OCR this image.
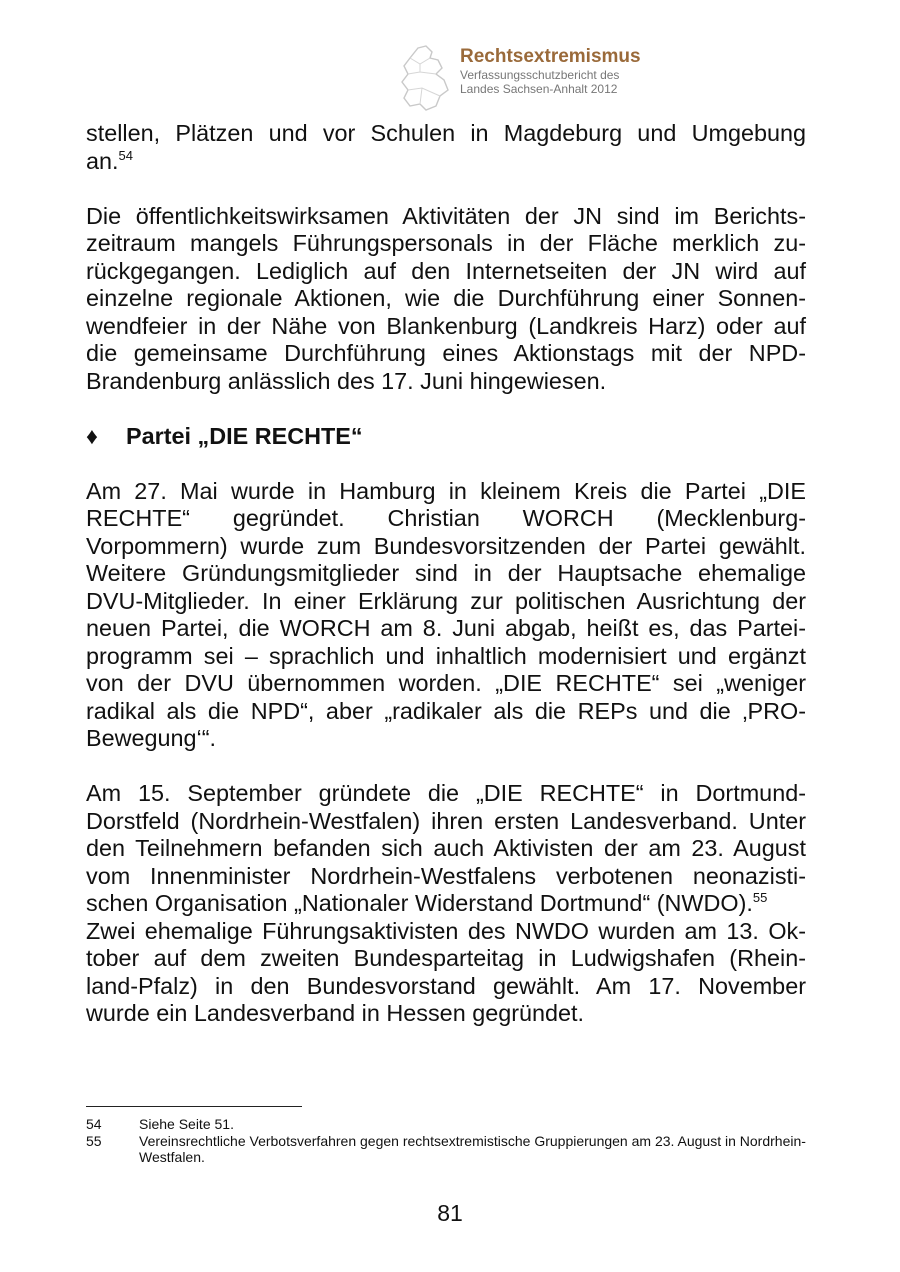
Rechtsextremismus
Verfassungsschutzbericht des
Landes Sachsen-Anhalt 2012

stellen, Plätzen und vor Schulen in Magdeburg und Umgebung
an.$^{54}$

Die öffentlichkeitswirksamen Aktivitäten der JN sind im Berichts-
zeitraum mangels Führungspersonals in der Fläche merklich zu-
rückgegangen. Lediglich auf den Internetseiten der JN wird auf
einzelne regionale Aktionen, wie die Durchführung einer Sonnen-
wendfeier in der Nähe von Blankenburg (Landkreis Harz) oder auf
die gemeinsame Durchführung eines Aktionstags mit der NPD-
Brandenburg anlässlich des 17. Juni hingewiesen.

♦	Partei „DIE RECHTE“

Am 27. Mai wurde in Hamburg in kleinem Kreis die Partei „DIE
RECHTE“ gegründet. Christian WORCH (Mecklenburg-
Vorpommern) wurde zum Bundesvorsitzenden der Partei gewählt.
Weitere Gründungsmitglieder sind in der Hauptsache ehemalige
DVU-Mitglieder. In einer Erklärung zur politischen Ausrichtung der
neuen Partei, die WORCH am 8. Juni abgab, heißt es, das Partei-
programm sei – sprachlich und inhaltlich modernisiert und ergänzt
von der DVU übernommen worden. „DIE RECHTE“ sei „weniger
radikal als die NPD“, aber „radikaler als die REPs und die ‚PRO-
Bewegung‘“.

Am 15. September gründete die „DIE RECHTE“ in Dortmund-
Dorstfeld (Nordrhein-Westfalen) ihren ersten Landesverband. Unter
den Teilnehmern befanden sich auch Aktivisten der am 23. August
vom Innenminister Nordrhein-Westfalens verbotenen neonazisti-
schen Organisation „Nationaler Widerstand Dortmund“ (NWDO).$^{55}$
Zwei ehemalige Führungsaktivisten des NWDO wurden am 13. Ok-
tober auf dem zweiten Bundesparteitag in Ludwigshafen (Rhein-
land-Pfalz) in den Bundesvorstand gewählt. Am 17. November
wurde ein Landesverband in Hessen gegründet.

54	Siehe Seite 51.
55	Vereinsrechtliche Verbotsverfahren gegen rechtsextremistische Gruppierungen am 23. August in Nordrhein-Westfalen.
81
